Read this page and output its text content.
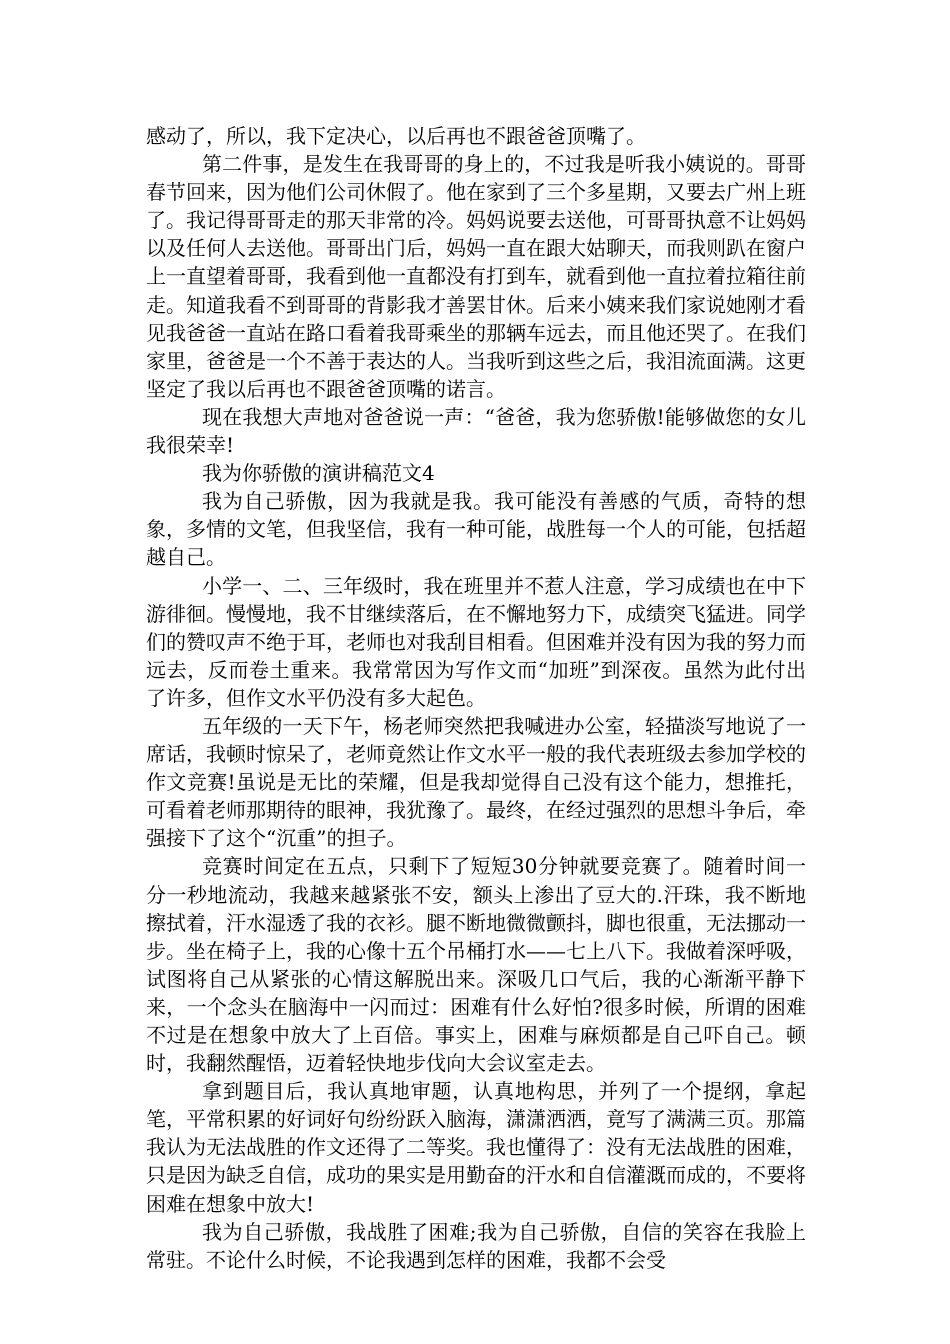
感动了，所以，我下定决心，以后再也不跟爸爸顶嘴了。

第二件事，是发生在我哥哥的身上的，不过我是听我小姨说的。哥哥春节回来，因为他们公司休假了。他在家到了三个多星期，又要去广州上班了。我记得哥哥走的那天非常的冷。妈妈说要去送他，可哥哥执意不让妈妈以及任何人去送他。哥哥出门后，妈妈一直在跟大姑聊天，而我则趴在窗户上一直望着哥哥，我看到他一直都没有打到车，就看到他一直拉着拉箱往前走。知道我看不到哥哥的背影我才善罢甘休。后来小姨来我们家说她刚才看见我爸爸一直站在路口看着我哥乘坐的那辆车远去，而且他还哭了。在我们家里，爸爸是一个不善于表达的人。当我听到这些之后，我泪流面满。这更坚定了我以后再也不跟爸爸顶嘴的诺言。

现在我想大声地对爸爸说一声：“爸爸，我为您骄傲!能够做您的女儿我很荣幸!

我为你骄傲的演讲稿范文4

我为自己骄傲，因为我就是我。我可能没有善感的气质，奇特的想象，多情的文笔，但我坚信，我有一种可能，战胜每一个人的可能，包括超越自己。

小学一、二、三年级时，我在班里并不惹人注意，学习成绩也在中下游徘徊。慢慢地，我不甘继续落后，在不懈地努力下，成绩突飞猛进。同学们的赞叹声不绝于耳，老师也对我刮目相看。但困难并没有因为我的努力而远去，反而卷土重来。我常常因为写作文而“加班”到深夜。虽然为此付出了许多，但作文水平仍没有多大起色。

五年级的一天下午，杨老师突然把我喊进办公室，轻描淡写地说了一席话，我顿时惊呆了，老师竟然让作文水平一般的我代表班级去参加学校的作文竞赛!虽说是无比的荣耀，但是我却觉得自己没有这个能力，想推托，可看着老师那期待的眼神，我犹豫了。最终，在经过强烈的思想斗争后，牵强接下了这个“沉重”的担子。

竞赛时间定在五点，只剩下了短短30分钟就要竞赛了。随着时间一分一秒地流动，我越来越紧张不安，额头上渗出了豆大的.汗珠，我不断地擦拭着，汗水湿透了我的衣衫。腿不断地微微颤抖，脚也很重，无法挪动一步。坐在椅子上，我的心像十五个吊桶打水——七上八下。我做着深呼吸，试图将自己从紧张的心情这解脱出来。深吸几口气后，我的心渐渐平静下来，一个念头在脑海中一闪而过：困难有什么好怕?很多时候，所谓的困难不过是在想象中放大了上百倍。事实上，困难与麻烦都是自己吓自己。顿时，我翻然醒悟，迈着轻快地步伐向大会议室走去。

拿到题目后，我认真地审题，认真地构思，并列了一个提纲，拿起笔，平常积累的好词好句纷纷跃入脑海，潇潇洒洒，竟写了满满三页。那篇我认为无法战胜的作文还得了二等奖。我也懂得了：没有无法战胜的困难，只是因为缺乏自信，成功的果实是用勤奋的汗水和自信灌溉而成的，不要将困难在想象中放大!

我为自己骄傲，我战胜了困难;我为自己骄傲，自信的笑容在我脸上常驻。不论什么时候，不论我遇到怎样的困难，我都不会受
